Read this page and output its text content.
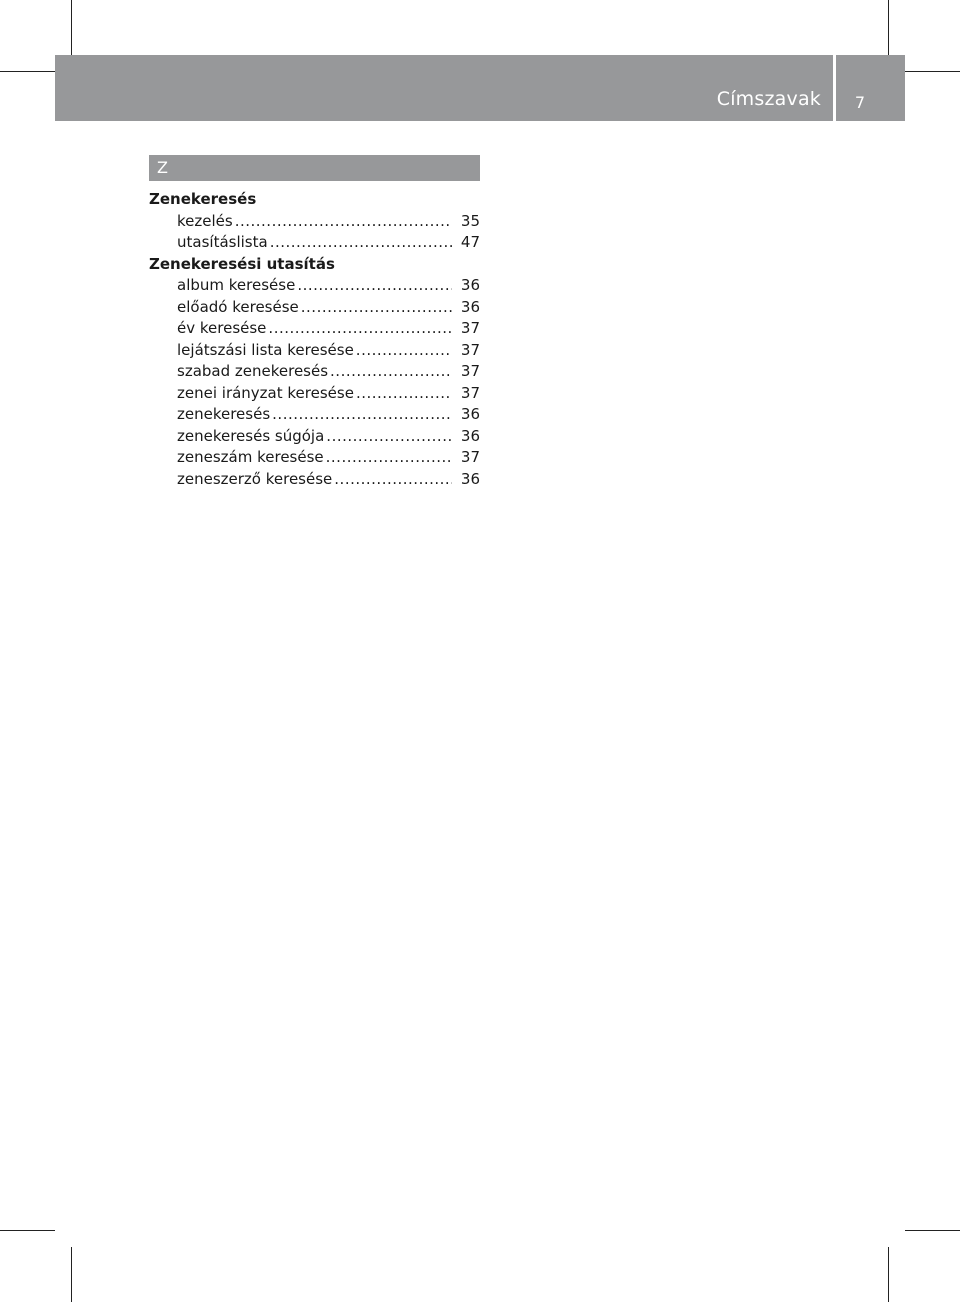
Címszavak	7
Z
Zenekeresés
kezelés .....	35
utasításlista .....	47
Zenekeresési utasítás
album keresése .....	36
előadó keresése .....	36
év keresése .....	37
lejátszási lista keresése .....	37
szabad zenekeresés .....	37
zenei irányzat keresése .....	37
zenekeresés .....	36
zenekeresés súgója .....	36
zeneszám keresése .....	37
zeneszerző keresése .....	36
